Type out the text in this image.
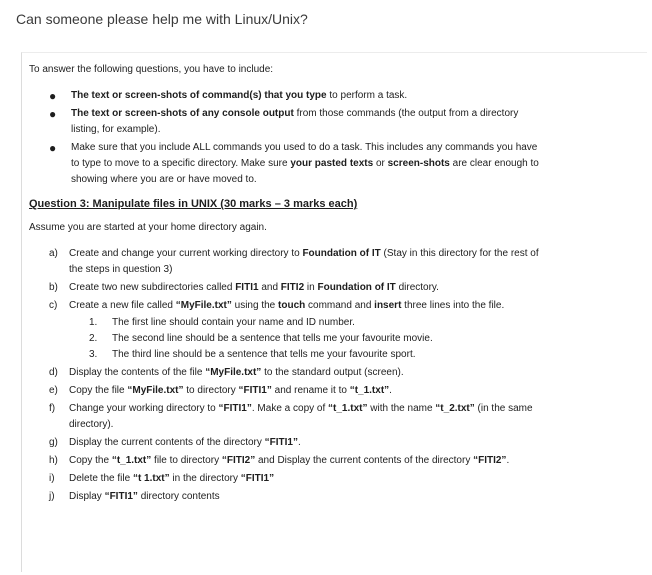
Can someone please help me with Linux/Unix?

To answer the following questions, you have to include:

● The text or screen-shots of command(s) that you type to perform a task.
● The text or screen-shots of any console output from those commands (the output from a directory listing, for example).
● Make sure that you include ALL commands you used to do a task. This includes any commands you have to type to move to a specific directory. Make sure your pasted texts or screen-shots are clear enough to showing where you are or have moved to.

Question 3: Manipulate files in UNIX (30 marks – 3 marks each)

Assume you are started at your home directory again.

a) Create and change your current working directory to Foundation of IT (Stay in this directory for the rest of the steps in question 3)
b) Create two new subdirectories called FITI1 and FITI2 in Foundation of IT directory.
c) Create a new file called “MyFile.txt” using the touch command and insert three lines into the file.
1. The first line should contain your name and ID number.
2. The second line should be a sentence that tells me your favourite movie.
3. The third line should be a sentence that tells me your favourite sport.
d) Display the contents of the file “MyFile.txt” to the standard output (screen).
e) Copy the file “MyFile.txt” to directory “FITI1” and rename it to “t_1.txt”.
f) Change your working directory to “FITI1”. Make a copy of “t_1.txt” with the name “t_2.txt” (in the same directory).
g) Display the current contents of the directory “FITI1”.
h) Copy the “t_1.txt” file to directory “FITI2” and Display the current contents of the directory “FITI2”.
i) Delete the file “t 1.txt” in the directory “FITI1”
j) Display “FITI1” directory contents
